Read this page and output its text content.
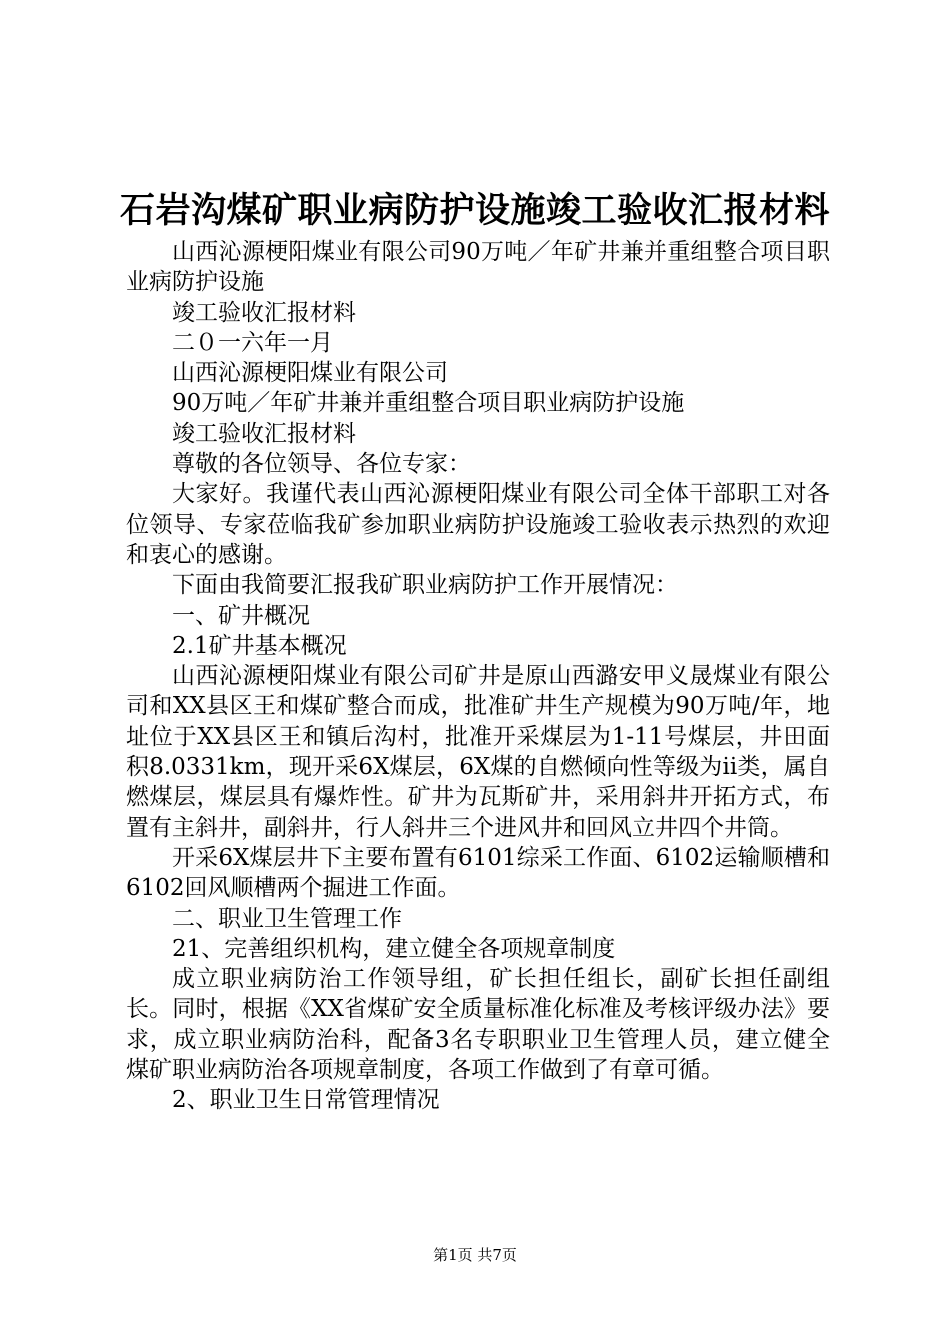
石岩沟煤矿职业病防护设施竣工验收汇报材料

山西沁源梗阳煤业有限公司90万吨／年矿井兼并重组整合项目职业病防护设施

竣工验收汇报材料

二０一六年一月

山西沁源梗阳煤业有限公司

90万吨／年矿井兼并重组整合项目职业病防护设施

竣工验收汇报材料

尊敬的各位领导、各位专家：

大家好。我谨代表山西沁源梗阳煤业有限公司全体干部职工对各位领导、专家莅临我矿参加职业病防护设施竣工验收表示热烈的欢迎和衷心的感谢。

下面由我简要汇报我矿职业病防护工作开展情况：

一、矿井概况

2.1矿井基本概况

山西沁源梗阳煤业有限公司矿井是原山西潞安甲义晟煤业有限公司和XX县区王和煤矿整合而成，批准矿井生产规模为90万吨/年，地址位于XX县区王和镇后沟村，批准开采煤层为1-11号煤层，井田面积8.0331km，现开采6X煤层，6X煤的自燃倾向性等级为ii类，属自燃煤层，煤层具有爆炸性。矿井为瓦斯矿井，采用斜井开拓方式，布置有主斜井，副斜井，行人斜井三个进风井和回风立井四个井筒。

开采6X煤层井下主要布置有6101综采工作面、6102运输顺槽和6102回风顺槽两个掘进工作面。

二、职业卫生管理工作

21、完善组织机构，建立健全各项规章制度

成立职业病防治工作领导组，矿长担任组长，副矿长担任副组长。同时，根据《XX省煤矿安全质量标准化标准及考核评级办法》要求，成立职业病防治科，配备3名专职职业卫生管理人员，建立健全煤矿职业病防治各项规章制度，各项工作做到了有章可循。

2、职业卫生日常管理情况

第1页 共7页
